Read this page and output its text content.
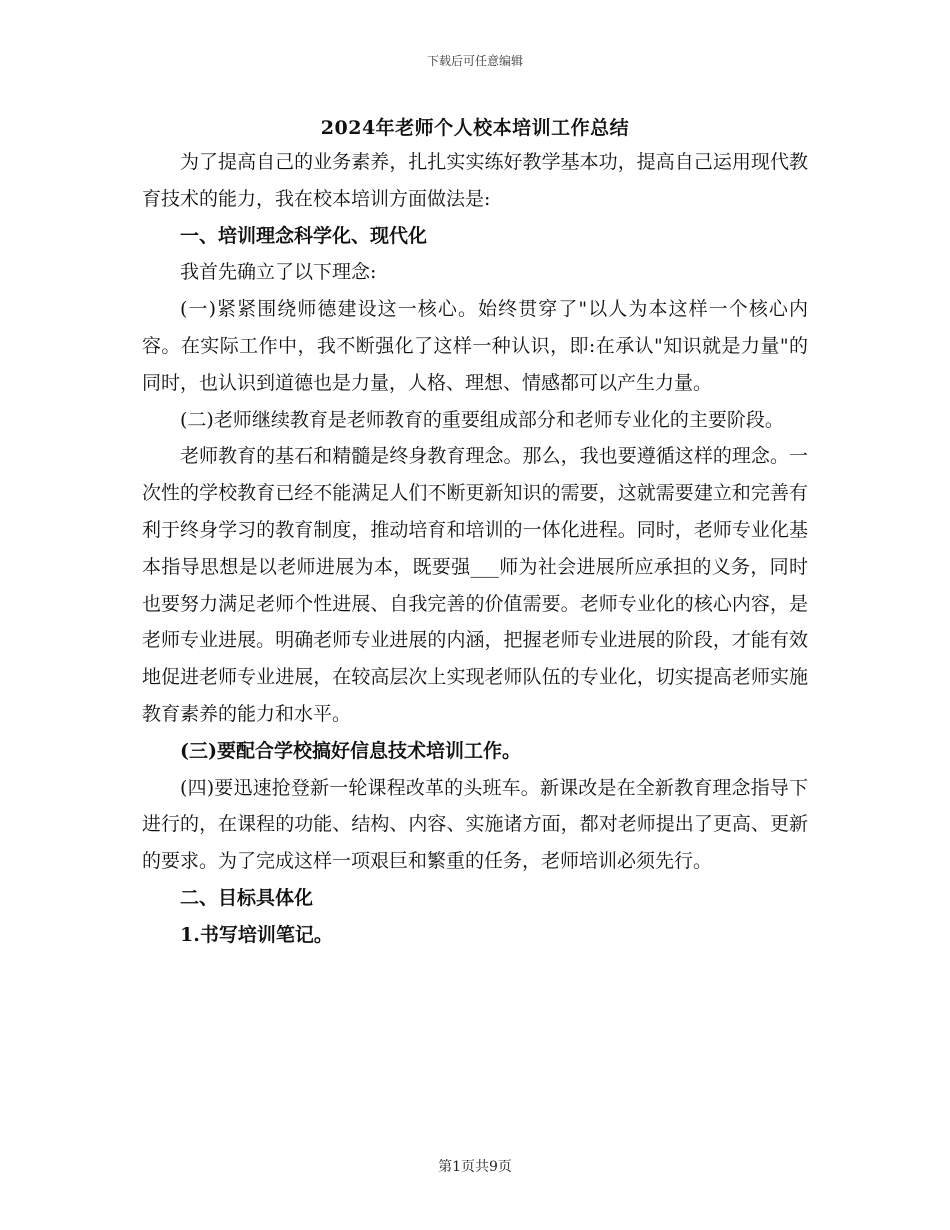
下载后可任意编辑
2024年老师个人校本培训工作总结

为了提高自己的业务素养，扎扎实实练好教学基本功，提高自己运用现代教育技术的能力，我在校本培训方面做法是:

一、培训理念科学化、现代化

我首先确立了以下理念:

(一)紧紧围绕师德建设这一核心。始终贯穿了"以人为本这样一个核心内容。在实际工作中，我不断强化了这样一种认识，即:在承认"知识就是力量"的同时，也认识到道德也是力量，人格、理想、情感都可以产生力量。

(二)老师继续教育是老师教育的重要组成部分和老师专业化的主要阶段。

老师教育的基石和精髓是终身教育理念。那么，我也要遵循这样的理念。一次性的学校教育已经不能满足人们不断更新知识的需要，这就需要建立和完善有利于终身学习的教育制度，推动培育和培训的一体化进程。同时，老师专业化基本指导思想是以老师进展为本，既要强___师为社会进展所应承担的义务，同时也要努力满足老师个性进展、自我完善的价值需要。老师专业化的核心内容，是老师专业进展。明确老师专业进展的内涵，把握老师专业进展的阶段，才能有效地促进老师专业进展，在较高层次上实现老师队伍的专业化，切实提高老师实施教育素养的能力和水平。

(三)要配合学校搞好信息技术培训工作。

(四)要迅速抢登新一轮课程改革的头班车。新课改是在全新教育理念指导下进行的，在课程的功能、结构、内容、实施诸方面，都对老师提出了更高、更新的要求。为了完成这样一项艰巨和繁重的任务，老师培训必须先行。

二、目标具体化

1.书写培训笔记。

第1页共9页
